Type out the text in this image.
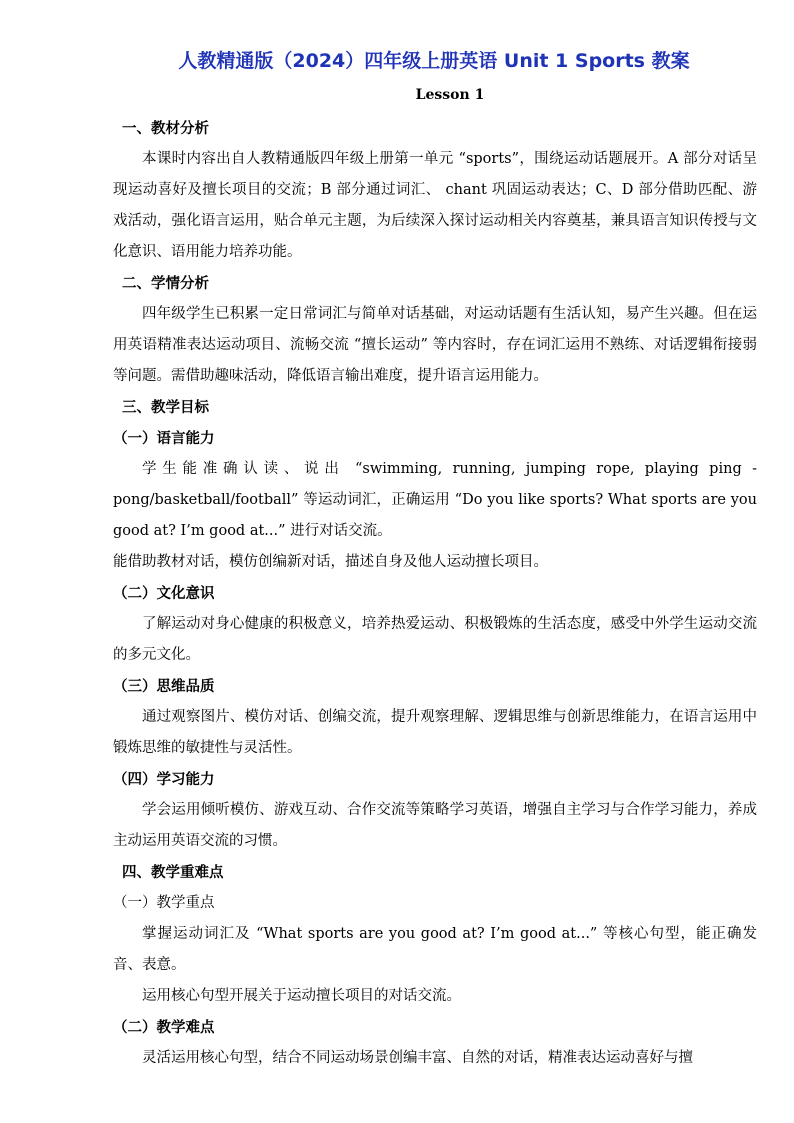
人教精通版（2024）四年级上册英语 Unit 1 Sports 教案
Lesson 1
一、教材分析

本课时内容出自人教精通版四年级上册第一单元 “sports”，围绕运动话题展开。A 部分对话呈现运动喜好及擅长项目的交流；B 部分通过词汇、 chant 巩固运动表达；C、D 部分借助匹配、游戏活动，强化语言运用，贴合单元主题，为后续深入探讨运动相关内容奠基，兼具语言知识传授与文化意识、语用能力培养功能。

二、学情分析

四年级学生已积累一定日常词汇与简单对话基础，对运动话题有生活认知，易产生兴趣。但在运用英语精准表达运动项目、流畅交流 “擅长运动” 等内容时，存在词汇运用不熟练、对话逻辑衔接弱等问题。需借助趣味活动，降低语言输出难度，提升语言运用能力。

三、教学目标
（一）语言能力

学生能准确认读、说出 “swimming, running, jumping rope, playing ping - pong/basketball/football” 等运动词汇，正确运用 “Do you like sports? What sports are you good at? I’m good at...” 进行对话交流。

能借助教材对话，模仿创编新对话，描述自身及他人运动擅长项目。

（二）文化意识

了解运动对身心健康的积极意义，培养热爱运动、积极锻炼的生活态度，感受中外学生运动交流的多元文化。

（三）思维品质

通过观察图片、模仿对话、创编交流，提升观察理解、逻辑思维与创新思维能力，在语言运用中锻炼思维的敏捷性与灵活性。

（四）学习能力

学会运用倾听模仿、游戏互动、合作交流等策略学习英语，增强自主学习与合作学习能力，养成主动运用英语交流的习惯。

四、教学重难点
（一）教学重点

掌握运动词汇及 “What sports are you good at? I’m good at...” 等核心句型，能正确发音、表意。

运用核心句型开展关于运动擅长项目的对话交流。

（二）教学难点

灵活运用核心句型，结合不同运动场景创编丰富、自然的对话，精准表达运动喜好与擅
